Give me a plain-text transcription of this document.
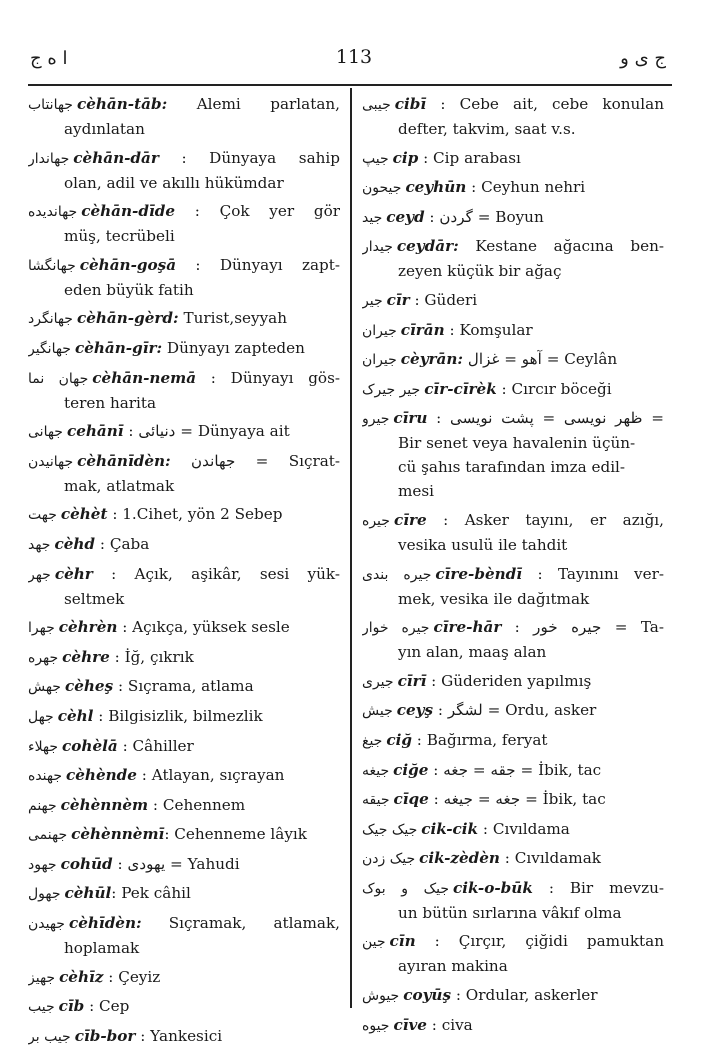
ا ه ج	113	ج ى و
جهانتاب cèhān-tāb: Alemi parlatan,
aydınlatan
جهاندار cèhān-dār : Dünyaya sahip
olan, adil ve akıllı hükümdar
جهاندیده cèhān-dīde : Çok yer gör
müş, tecrübeli
جهانگشا cèhān-goşā : Dünyayı zapt-
eden büyük fatih
جهانگرد cèhān-gèrd: Turist,seyyah
جهانگیر cèhān-gīr: Dünyayı zapteden
جهان نما cèhān-nemā : Dünyayı gös-
teren harita
جهانى cehānī : دنیائى = Dünyaya ait
جهانیدن cèhānīdèn: جهاندن = Sıçrat-
mak, atlatmak
جهت cèhèt : 1.Cihet, yön 2 Sebep
جهد cèhd : Çaba
جهر cèhr : Açık, aşikâr, sesi yük-
seltmek
جهرا cèhrèn : Açıkça, yüksek sesle
جهره cèhre : İğ, çıkrık
جهش cèheş : Sıçrama, atlama
جهل cèhl : Bilgisizlik, bilmezlik
جهلاء cohèlā : Câhiller
جهنده cèhènde : Atlayan, sıçrayan
جهنم cèhènnèm : Cehennem
جهنمى cèhènnèmī: Cehenneme lâyık
جهود cohūd : یهودى = Yahudi
جهول cèhūl: Pek câhil
جهیدن cèhīdèn: Sıçramak, atlamak,
hoplamak
جهیز cèhīz : Çeyiz
جیب cīb : Cep
جیب بر cīb-bor : Yankesici
جیبى cibī : Cebe ait, cebe konulan
defter, takvim, saat v.s.
جیپ cip : Cip arabası
جیحون ceyhūn : Ceyhun nehri
جید ceyd : گردن = Boyun
جیدار ceydār: Kestane ağacına ben-
zeyen küçük bir ağaç
جیر cīr : Güderi
جیران cīrān : Komşular
جیران cèyrān: آهو = غزال = Ceylân
جیر جیرک cīr-cīrèk : Cırcır böceği
جیرو cīru : ظهر نویسى = پشت نویسى =
Bir senet veya havalenin üçün-
cü şahıs tarafından imza edil-
mesi
جیره cīre : Asker tayını, er azığı,
vesika usulü ile tahdit
جیره بندى cīre-bèndī : Tayınını ver-
mek, vesika ile dağıtmak
جیره خوار cīre-hār : جیره خور = Ta-
yın alan, maaş alan
جیرى cīrī : Güderiden yapılmış
جیش ceyş : لشگر = Ordu, asker
جیغ ciğ : Bağırma, feryat
جیغه ciğe : جقه = جغه = İbik, tac
جیقه cīqe : جغه = جیغه = İbik, tac
جیک جیک cik-cik : Cıvıldama
جیک زدن cik-zèdèn : Cıvıldamak
جیک و بوک cik-o-būk : Bir mevzu-
un bütün sırlarına vâkıf olma
جین cīn : Çırçır, çiğidi pamuktan
ayıran makina
جیوش coyūş : Ordular, askerler
جیوه cīve : civa
